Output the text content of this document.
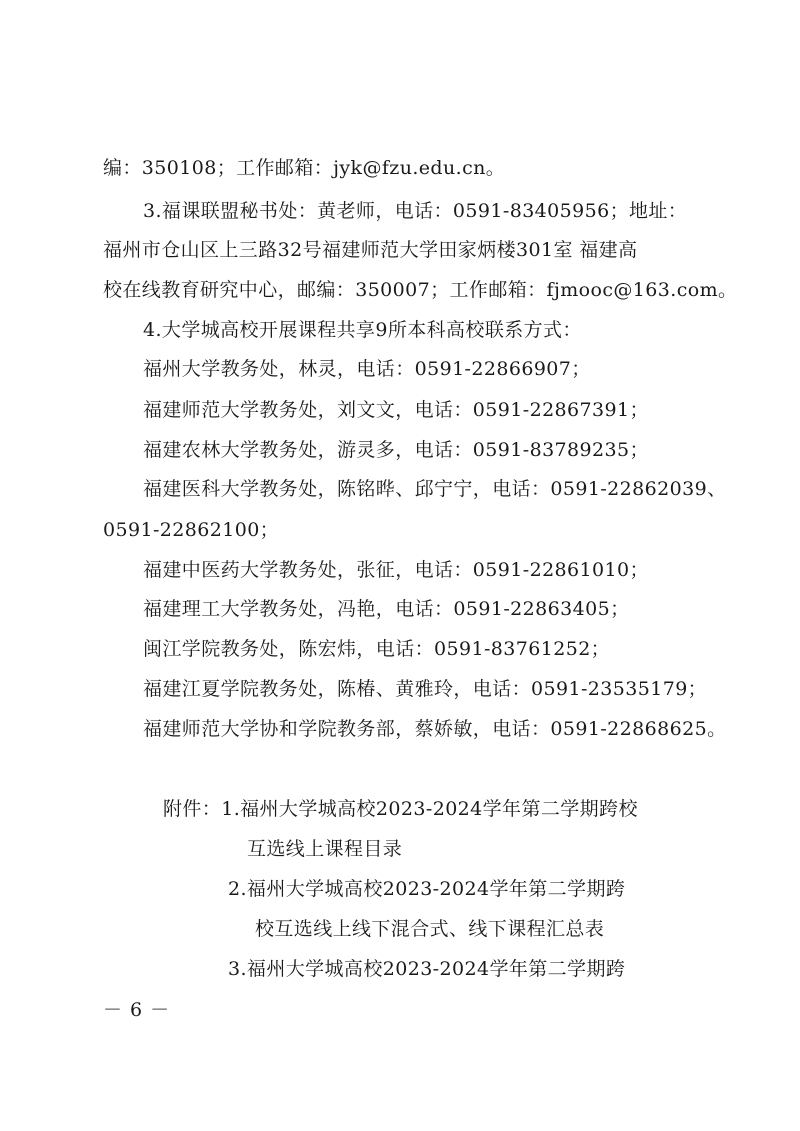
编：350108；工作邮箱：jyk@fzu.edu.cn。
3.福课联盟秘书处：黄老师，电话：0591-83405956；地址：
福州市仓山区上三路32号福建师范大学田家炳楼301室 福建高
校在线教育研究中心，邮编：350007；工作邮箱：fjmooc@163.com。
4.大学城高校开展课程共享9所本科高校联系方式：
福州大学教务处，林灵，电话：0591-22866907；
福建师范大学教务处，刘文文，电话：0591-22867391；
福建农林大学教务处，游灵多，电话：0591-83789235；
福建医科大学教务处，陈铭晔、邱宁宁，电话：0591-22862039、
0591-22862100；
福建中医药大学教务处，张征，电话：0591-22861010；
福建理工大学教务处，冯艳，电话：0591-22863405；
闽江学院教务处，陈宏炜，电话：0591-83761252；
福建江夏学院教务处，陈椿、黄雅玲，电话：0591-23535179；
福建师范大学协和学院教务部，蔡娇敏，电话：0591-22868625。
附件：1.福州大学城高校2023-2024学年第二学期跨校
互选线上课程目录
2.福州大学城高校2023-2024学年第二学期跨
校互选线上线下混合式、线下课程汇总表
3.福州大学城高校2023-2024学年第二学期跨
－ 6 －
